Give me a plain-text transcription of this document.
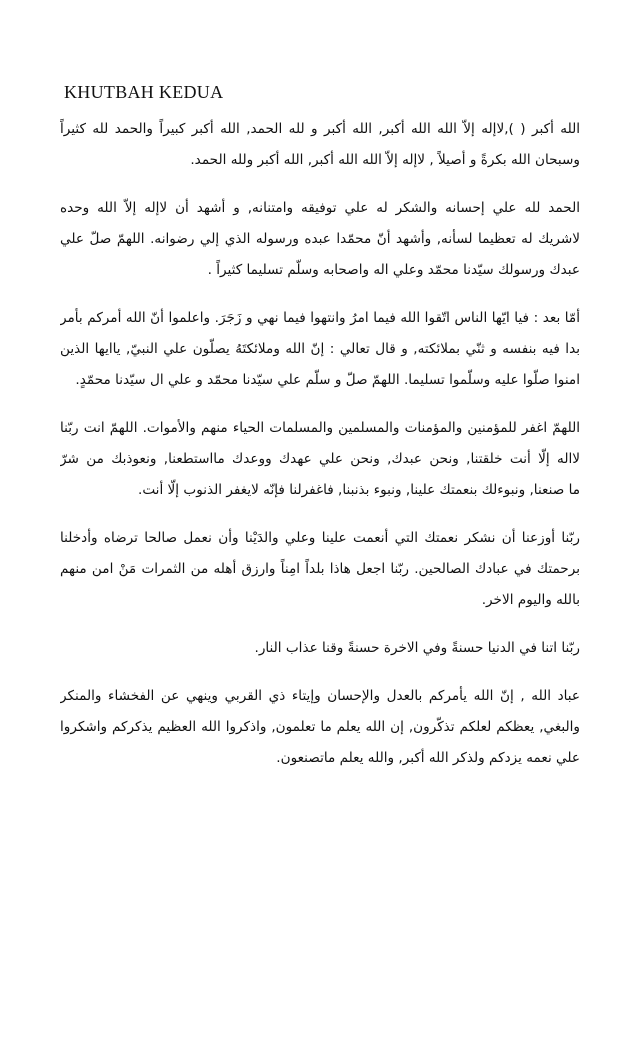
KHUTBAH KEDUA
الله أكبر ( ),لاإله إلاّ الله الله أكبر, الله أكبر و لله الحمد, الله أكبر كبيراً والحمد لله كثيراً
وسبحان الله بكرةً و أصيلاً , لاإله إلاّ الله الله أكبر, الله أكبر ولله الحمد.
الحمد لله علي إحسانه والشكر له علي توفيقه وامتنانه, و أشهد أن لاإله إلاّ الله وحده
لاشريك له تعظيما لسأنه, وأشهد أنّ محمّدا عبده ورسوله الذي إلي رضوانه. اللهمّ صلّ علي
عبدك ورسولك سيّدنا محمّد وعلي اله واصحابه وسلّم تسليما كثيراً .
أمّا بعد : فيا ايّها الناس اتّقوا الله فيما امرُ وانتهوا فيما نهي و زَجَرَ. واعلموا أنّ الله أمركم بأمر
بدا فيه بنفسه و ثنّي بملائكته, و قال تعالي : إنّ الله وملائكتَهُ يصلّون علي النبيّ, ياايها الذين
امنوا صلّوا عليه وسلّموا تسليما. اللهمّ صلّ و سلّم علي سيّدنا محمّد و علي ال سيّدنا محمّدٍ.
اللهمّ اغفر للمؤمنين والمؤمنات والمسلمين والمسلمات الحياء منهم والأموات. اللهمّ انت ربّنا
لااله إلّا أنت خلقتنا, ونحن عبدك, ونحن علي عهدك ووعدك مااستطعنا, ونعوذبك من شرّ
ما صنعنا, ونبوءلك بنعمتك علينا, ونبوء بذنبنا, فاغفرلنا فإنّه لايغفر الذنوب إلّا أنت.
ربّنا أوزعنا أن نشكر نعمتك التي أنعمت علينا وعلي والدَيْنا وأن نعمل صالحا ترضاه وأدخلنا
برحمتك في عبادك الصالحين. ربّنا اجعل هاذا بلداً امِناً وارزق أهله من الثمرات مَنْ امن منهم
بالله واليوم الاخر.
ربّنا اتنا في الدنيا حسنةً وفي الاخرة حسنةً وقنا عذاب النار.
عباد الله , إنّ الله يأمركم بالعدل والإحسان وإيتاء ذي القربي وينهي عن الفخشاء والمنكر
والبغي, يعظكم لعلكم تذكّرون, إن الله يعلم ما تعلمون, واذكروا الله العظيم يذكركم واشكروا
علي نعمه يزدكم ولذكر الله أكبر, والله يعلم ماتصنعون.
